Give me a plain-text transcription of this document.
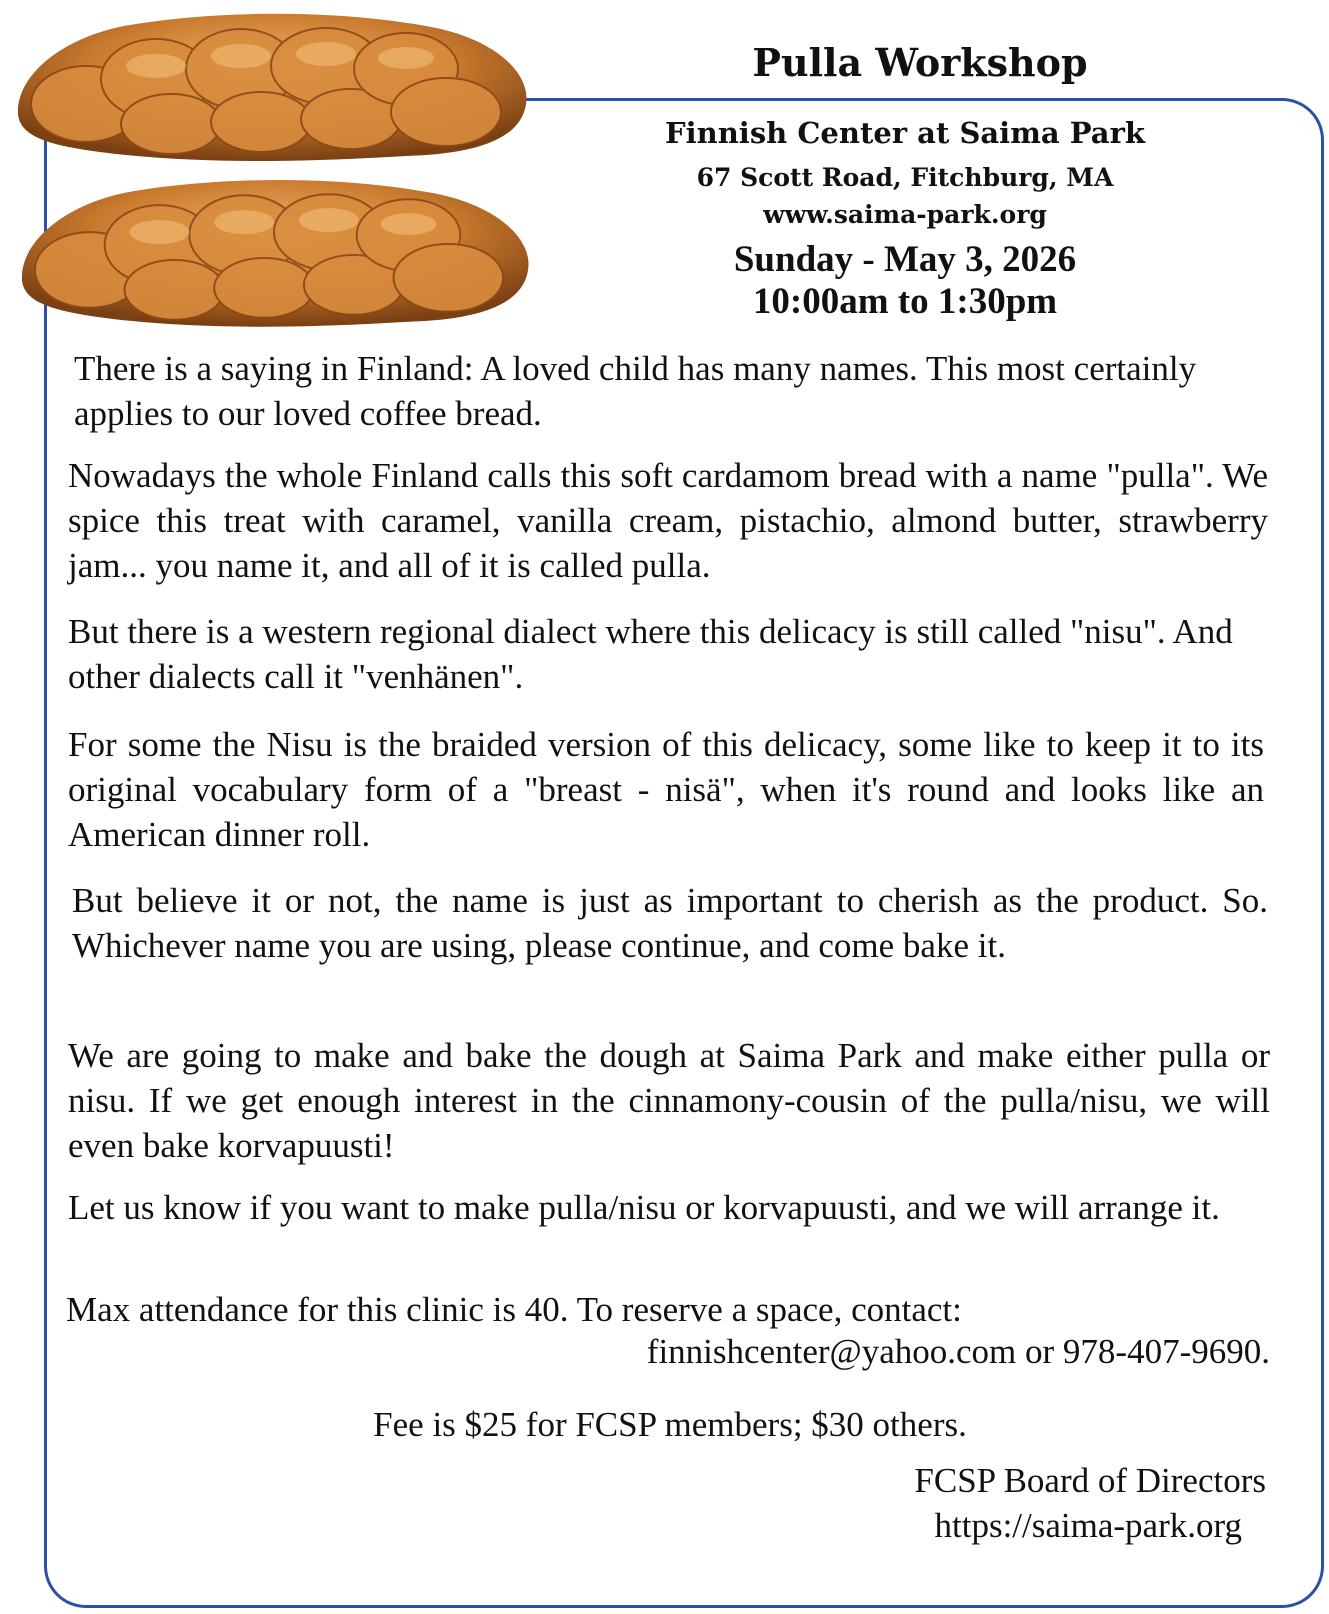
Pulla Workshop
Finnish Center at Saima Park
67 Scott Road, Fitchburg, MA
www.saima-park.org
Sunday - May 3, 2026
10:00am to 1:30pm

There is a saying in Finland: A loved child has many names. This most certainly applies to our loved coffee bread.

Nowadays the whole Finland calls this soft cardamom bread with a name "pulla". We spice this treat with caramel, vanilla cream, pistachio, almond butter, strawberry jam... you name it, and all of it is called pulla.

But there is a western regional dialect where this delicacy is still called "nisu". And other dialects call it "venhänen".

For some the Nisu is the braided version of this delicacy, some like to keep it to its original vocabulary form of a "breast - nisä", when it's round and looks like an American dinner roll.

But believe it or not, the name is just as important to cherish as the product. So. Whichever name you are using, please continue, and come bake it.

We are going to make and bake the dough at Saima Park and make either pulla or nisu. If we get enough interest in the cinnamony-cousin of the pulla/nisu, we will even bake korvapuusti!

Let us know if you want to make pulla/nisu or korvapuusti, and we will arrange it.

Max attendance for this clinic is 40. To reserve a space, contact:
finnishcenter@yahoo.com or 978-407-9690.
Fee is $25 for FCSP members; $30 others.
FCSP Board of Directors
https://saima-park.org
